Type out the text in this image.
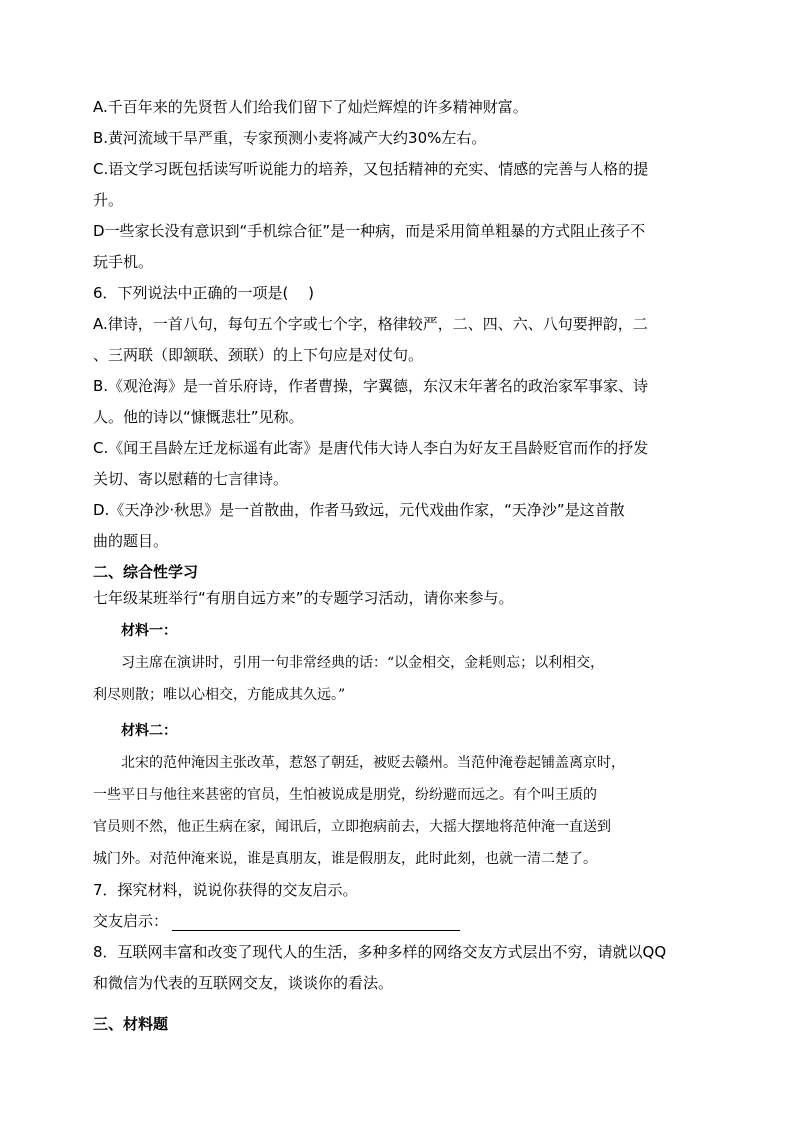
A.千百年来的先贤哲人们给我们留下了灿烂辉煌的许多精神财富。

B.黄河流域干旱严重，专家预测小麦将减产大约30%左右。

C.语文学习既包括读写听说能力的培养，又包括精神的充实、情感的完善与人格的提

升。

D一些家长没有意识到“手机综合征”是一种病，而是采用简单粗暴的方式阻止孩子不

玩手机。

6．下列说法中正确的一项是(　 )

A.律诗，一首八句，每句五个字或七个字，格律较严，二、四、六、八句要押韵，二

、三两联（即颔联、颈联）的上下句应是对仗句。

B.《观沧海》是一首乐府诗，作者曹操，字翼德，东汉末年著名的政治家军事家、诗

人。他的诗以“慷慨悲壮”见称。

C.《闻王昌龄左迁龙标遥有此寄》是唐代伟大诗人李白为好友王昌龄贬官而作的抒发

关切、寄以慰藉的七言律诗。

D.《天净沙·秋思》是一首散曲，作者马致远，元代戏曲作家，“天净沙”是这首散

曲的题目。

二、综合性学习

七年级某班举行“有朋自远方来”的专题学习活动，请你来参与。

材料一：
习主席在演讲时，引用一句非常经典的话：“以金相交，金耗则忘；以利相交，
利尽则散；唯以心相交，方能成其久远。”
材料二：
北宋的范仲淹因主张改革，惹怒了朝廷，被贬去赣州。当范仲淹卷起铺盖离京时，
一些平日与他往来甚密的官员，生怕被说成是朋党，纷纷避而远之。有个叫王质的
官员则不然，他正生病在家，闻讯后，立即抱病前去，大摇大摆地将范仲淹一直送到
城门外。对范仲淹来说，谁是真朋友，谁是假朋友，此时此刻，也就一清二楚了。

7．探究材料，说说你获得的交友启示。

交友启示：

8．互联网丰富和改变了现代人的生活，多种多样的网络交友方式层出不穷，请就以QQ

和微信为代表的互联网交友，谈谈你的看法。

三、材料题
